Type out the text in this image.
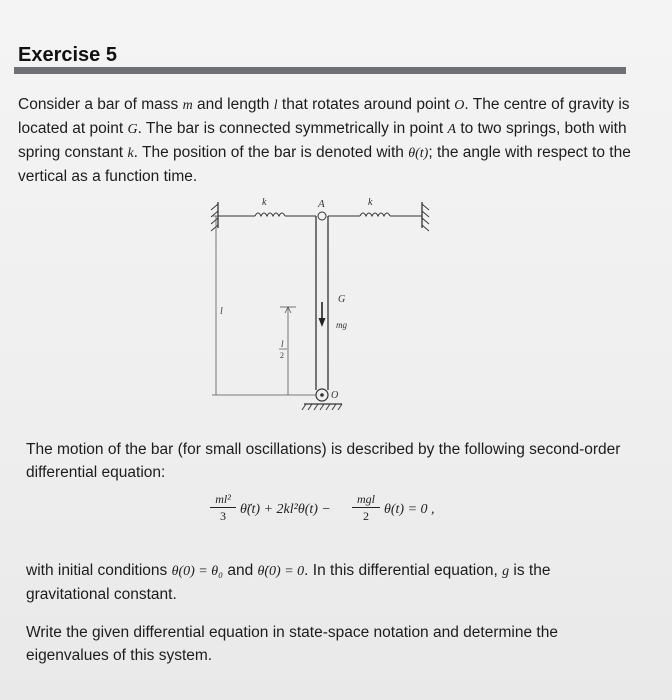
Exercise 5
Consider a bar of mass m and length l that rotates around point O. The centre of gravity is located at point G. The bar is connected symmetrically in point A to two springs, both with spring constant k. The position of the bar is denoted with θ(t); the angle with respect to the vertical as a function time.
k	k
A
l
G
mg
l
2
O
The motion of the bar (for small oscillations) is described by the following second-order differential equation:
ml²
3	θ̈(t) + 2kl²θ(t) −
mgl
2	θ(t) = 0 ,
with initial conditions θ(0) = θ₀ and θ̇(0) = 0. In this differential equation, g is the gravitational constant.
Write the given differential equation in state-space notation and determine the eigenvalues of this system.
